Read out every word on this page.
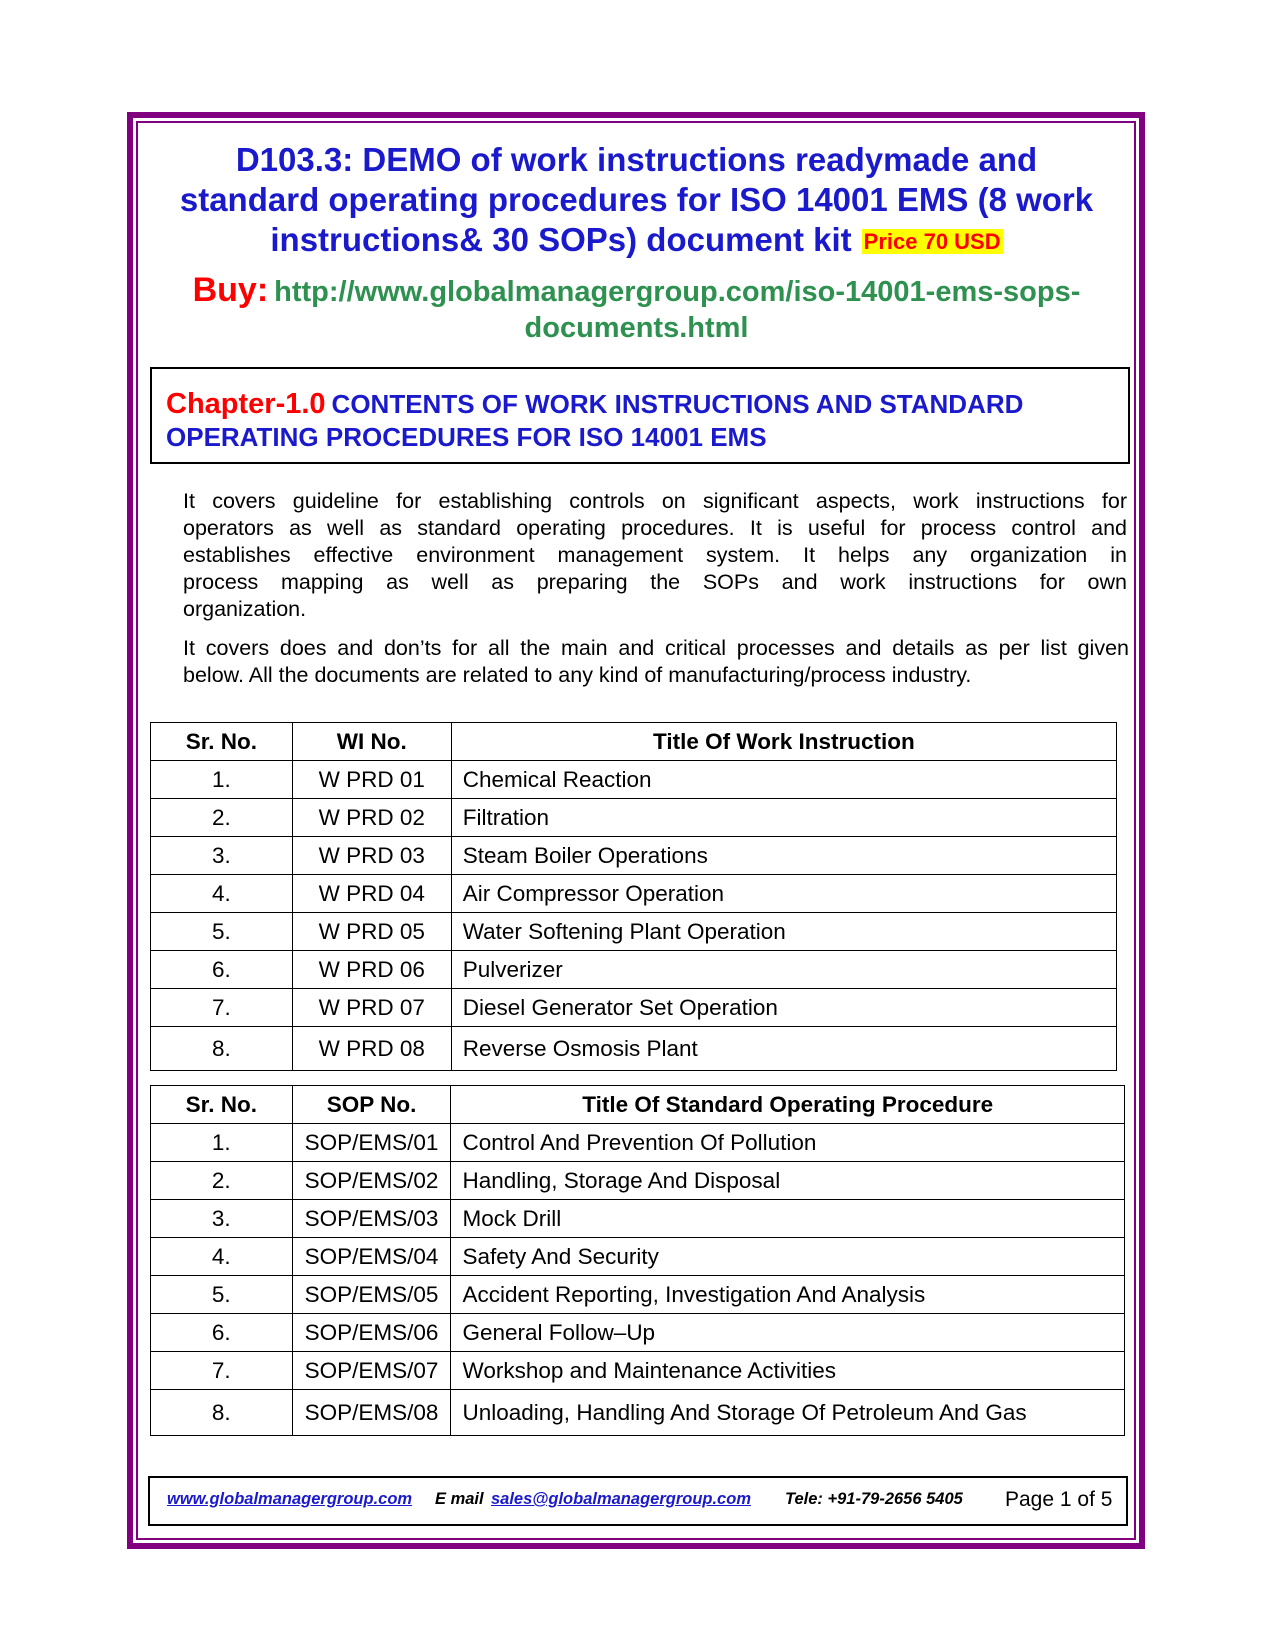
D103.3: DEMO of work instructions readymade and
standard operating procedures for ISO 14001 EMS (8 work
instructions& 30 SOPs) document kit Price 70 USD
Buy: http://www.globalmanagergroup.com/iso-14001-ems-sops-
documents.html
Chapter-1.0 CONTENTS OF WORK INSTRUCTIONS AND STANDARD
OPERATING PROCEDURES FOR ISO 14001 EMS
It covers guideline for establishing controls on significant aspects, work instructions for
operators as well as standard operating procedures. It is useful for process control and
establishes effective environment management system. It helps any organization in
process mapping as well as preparing the SOPs and work instructions for own
organization.
It covers does and don’ts for all the main and critical processes and details as per list given
below. All the documents are related to any kind of manufacturing/process industry.
Sr. No.	WI No.	Title Of Work Instruction
1.	W PRD 01	Chemical Reaction
2.	W PRD 02	Filtration
3.	W PRD 03	Steam Boiler Operations
4.	W PRD 04	Air Compressor Operation
5.	W PRD 05	Water Softening Plant Operation
6.	W PRD 06	Pulverizer
7.	W PRD 07	Diesel Generator Set Operation
8.	W PRD 08	Reverse Osmosis Plant
Sr. No.	SOP No.	Title Of Standard Operating Procedure
1.	SOP/EMS/01	Control And Prevention Of Pollution
2.	SOP/EMS/02	Handling, Storage And Disposal
3.	SOP/EMS/03	Mock Drill
4.	SOP/EMS/04	Safety And Security
5.	SOP/EMS/05	Accident Reporting, Investigation And Analysis
6.	SOP/EMS/06	General Follow–Up
7.	SOP/EMS/07	Workshop and Maintenance Activities
8.	SOP/EMS/08	Unloading, Handling And Storage Of Petroleum And Gas
www.globalmanagergroup.com E mail sales@globalmanagergroup.com Tele: +91-79-2656 5405 Page 1 of 5
